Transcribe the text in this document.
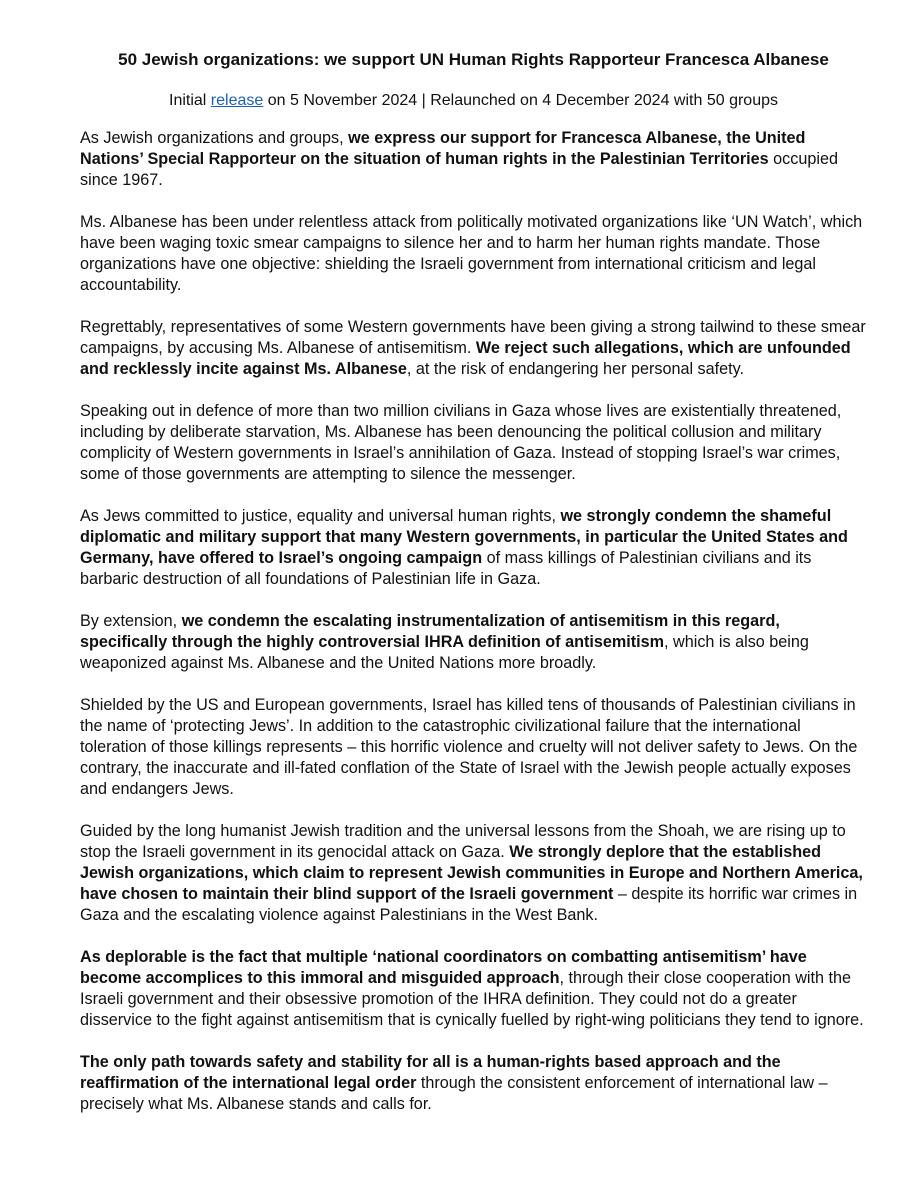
50 Jewish organizations: we support UN Human Rights Rapporteur Francesca Albanese

Initial release on 5 November 2024 | Relaunched on 4 December 2024 with 50 groups

As Jewish organizations and groups, we express our support for Francesca Albanese, the United Nations’ Special Rapporteur on the situation of human rights in the Palestinian Territories occupied since 1967.

Ms. Albanese has been under relentless attack from politically motivated organizations like ‘UN Watch’, which have been waging toxic smear campaigns to silence her and to harm her human rights mandate. Those organizations have one objective: shielding the Israeli government from international criticism and legal accountability.

Regrettably, representatives of some Western governments have been giving a strong tailwind to these smear campaigns, by accusing Ms. Albanese of antisemitism. We reject such allegations, which are unfounded and recklessly incite against Ms. Albanese, at the risk of endangering her personal safety.

Speaking out in defence of more than two million civilians in Gaza whose lives are existentially threatened, including by deliberate starvation, Ms. Albanese has been denouncing the political collusion and military complicity of Western governments in Israel’s annihilation of Gaza. Instead of stopping Israel’s war crimes, some of those governments are attempting to silence the messenger.

As Jews committed to justice, equality and universal human rights, we strongly condemn the shameful diplomatic and military support that many Western governments, in particular the United States and Germany, have offered to Israel’s ongoing campaign of mass killings of Palestinian civilians and its barbaric destruction of all foundations of Palestinian life in Gaza.

By extension, we condemn the escalating instrumentalization of antisemitism in this regard, specifically through the highly controversial IHRA definition of antisemitism, which is also being weaponized against Ms. Albanese and the United Nations more broadly.

Shielded by the US and European governments, Israel has killed tens of thousands of Palestinian civilians in the name of ‘protecting Jews’. In addition to the catastrophic civilizational failure that the international toleration of those killings represents – this horrific violence and cruelty will not deliver safety to Jews. On the contrary, the inaccurate and ill-fated conflation of the State of Israel with the Jewish people actually exposes and endangers Jews.

Guided by the long humanist Jewish tradition and the universal lessons from the Shoah, we are rising up to stop the Israeli government in its genocidal attack on Gaza. We strongly deplore that the established Jewish organizations, which claim to represent Jewish communities in Europe and Northern America, have chosen to maintain their blind support of the Israeli government – despite its horrific war crimes in Gaza and the escalating violence against Palestinians in the West Bank.

As deplorable is the fact that multiple ‘national coordinators on combatting antisemitism’ have become accomplices to this immoral and misguided approach, through their close cooperation with the Israeli government and their obsessive promotion of the IHRA definition. They could not do a greater disservice to the fight against antisemitism that is cynically fuelled by right-wing politicians they tend to ignore.

The only path towards safety and stability for all is a human-rights based approach and the reaffirmation of the international legal order through the consistent enforcement of international law – precisely what Ms. Albanese stands and calls for.
